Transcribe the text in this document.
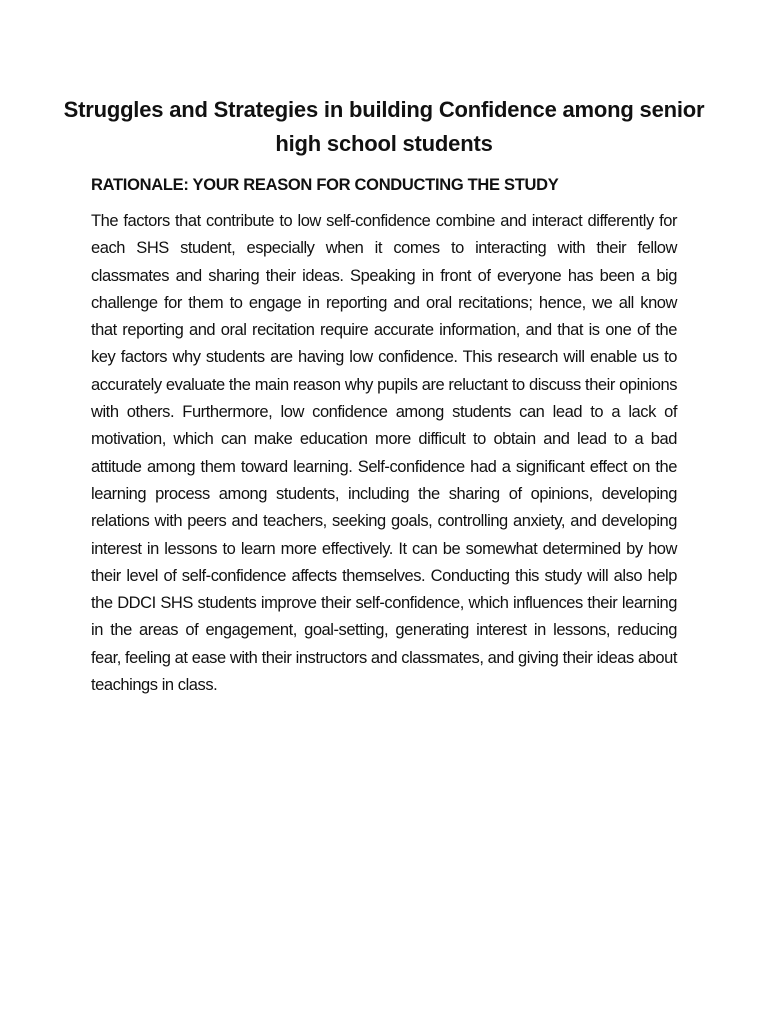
Struggles and Strategies in building Confidence among senior high school students
RATIONALE: YOUR REASON FOR CONDUCTING THE STUDY

The factors that contribute to low self-confidence combine and interact differently for each SHS student, especially when it comes to interacting with their fellow classmates and sharing their ideas. Speaking in front of everyone has been a big challenge for them to engage in reporting and oral recitations; hence, we all know that reporting and oral recitation require accurate information, and that is one of the key factors why students are having low confidence. This research will enable us to accurately evaluate the main reason why pupils are reluctant to discuss their opinions with others. Furthermore, low confidence among students can lead to a lack of motivation, which can make education more difficult to obtain and lead to a bad attitude among them toward learning. Self-confidence had a significant effect on the learning process among students, including the sharing of opinions, developing relations with peers and teachers, seeking goals, controlling anxiety, and developing interest in lessons to learn more effectively. It can be somewhat determined by how their level of self-confidence affects themselves. Conducting this study will also help the DDCI SHS students improve their self-confidence, which influences their learning in the areas of engagement, goal-setting, generating interest in lessons, reducing fear, feeling at ease with their instructors and classmates, and giving their ideas about teachings in class.
